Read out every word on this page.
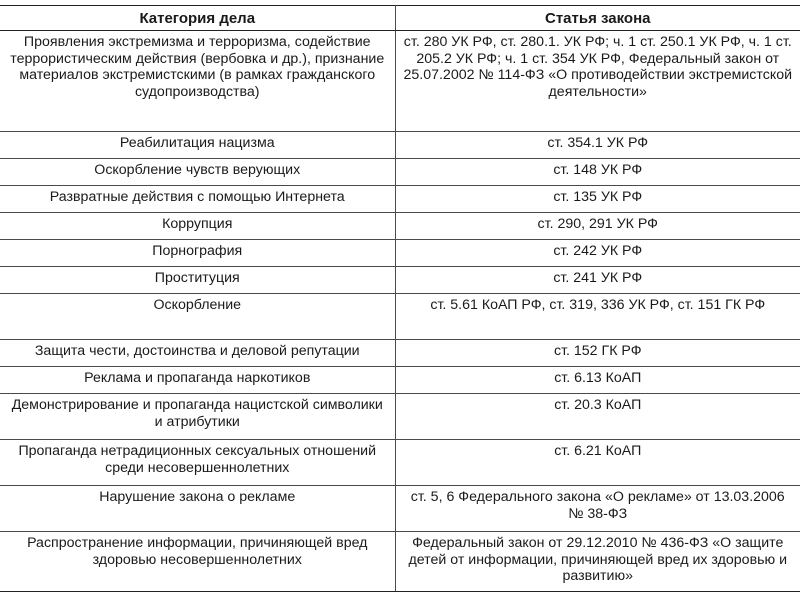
Категория дела	Статья закона
Проявления экстремизма и терроризма, содействие террористическим действия (вербовка и др.), признание материалов экстремистскими (в рамках гражданского судопроизводства)	ст. 280 УК РФ, ст. 280.1. УК РФ; ч. 1 ст. 250.1 УК РФ, ч. 1 ст. 205.2 УК РФ; ч. 1 ст. 354 УК РФ, Федеральный закон от 25.07.2002 № 114-ФЗ «О противодействии экстремистской деятельности»
Реабилитация нацизма	ст. 354.1 УК РФ
Оскорбление чувств верующих	ст. 148 УК РФ
Развратные действия с помощью Интернета	ст. 135 УК РФ
Коррупция	ст. 290, 291 УК РФ
Порнография	ст. 242 УК РФ
Проституция	ст. 241 УК РФ
Оскорбление	ст. 5.61 КоАП РФ, ст. 319, 336 УК РФ, ст. 151 ГК РФ
Защита чести, достоинства и деловой репутации	ст. 152 ГК РФ
Реклама и пропаганда наркотиков	ст. 6.13 КоАП
Демонстрирование и пропаганда нацистской символики и атрибутики	ст. 20.3 КоАП
Пропаганда нетрадиционных сексуальных отношений среди несовершеннолетних	ст. 6.21 КоАП
Нарушение закона о рекламе	ст. 5, 6 Федерального закона «О рекламе» от 13.03.2006 № 38-ФЗ
Распространение информации, причиняющей вред здоровью несовершеннолетних	Федеральный закон от 29.12.2010 № 436-ФЗ «О защите детей от информации, причиняющей вред их здоровью и развитию»
